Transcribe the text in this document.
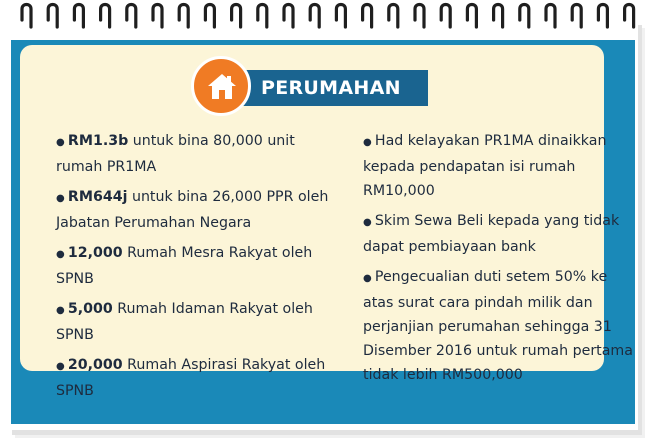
● RM1.3b untuk bina 80,000 unit rumah PR1MA
● RM644j untuk bina 26,000 PPR oleh Jabatan Perumahan Negara
● 12,000 Rumah Mesra Rakyat oleh SPNB
● 5,000 Rumah Idaman Rakyat oleh SPNB
● 20,000 Rumah Aspirasi Rakyat oleh SPNB
● Had kelayakan PR1MA dinaikkan kepada pendapatan isi rumah RM10,000
● Skim Sewa Beli kepada yang tidak dapat pembiayaan bank
● Pengecualian duti setem 50% ke atas surat cara pindah milik dan perjanjian perumahan sehingga 31 Disember 2016 untuk rumah pertama tidak lebih RM500,000
PERUMAHAN
